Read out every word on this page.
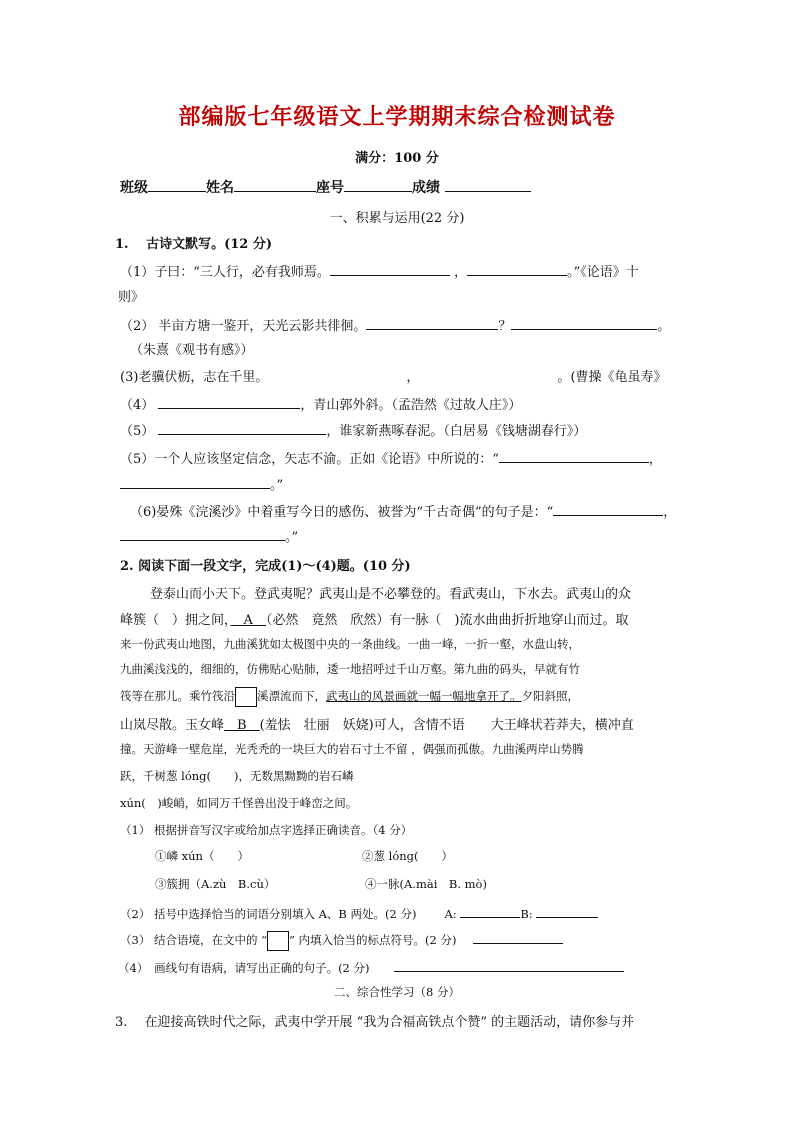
部编版七年级语文上学期期末综合检测试卷
满分：100 分
班级	姓名	座号	成绩
一、积累与运用(22 分)
1.　 古诗文默写。(12 分)
（1）子曰：“三人行，必有我师焉。	，	。”《论语》十
则》
（2） 半亩方塘一鉴开，天光云影共徘徊。	？	。
（朱熹《观书有感》）
(3)老骥伏枥，志在千里。	，	。(曹操《龟虽寿》
（4）	，青山郭外斜。（孟浩然《过故人庄》）
（5）	，谁家新燕啄春泥。（白居易《钱塘湖春行》）
（5）一个人应该坚定信念，矢志不渝。正如《论语》中所说的：“	，
。”
（6)晏殊《浣溪沙》中着重写今日的感伤、被誉为“千古奇偶”的句子是：“	，
。”
2. 阅读下面一段文字，完成(1)～(4)题。(10 分)
登泰山而小天下。登武夷呢？武夷山是不必攀登的。看武夷山，下水去。武夷山的众
峰簇（　）拥之间，　A　（必然　竟然　欣然）有一脉（　)流水曲曲折折地穿山而过。取
来一份武夷山地图，九曲溪犹如太极图中央的一条曲线。一曲一峰，一折一壑，水盘山转，
九曲溪浅浅的，细细的，仿佛贴心贴肺，逶一地招呼过千山万壑。第九曲的码头，早就有竹
筏等在那儿。乘竹筏沿 溪漂流而下，武夷山的风景画就一幅一幅地拿开了。夕阳斜照，
山岚尽散。玉女峰　B　(羞怯　壮丽　妖娆)可人，含情不语　　大王峰状若莽夫，横冲直
撞。天游峰一壁危崖，光秃秃的一块巨大的岩石寸土不留 ，偶强而孤傲。九曲溪两岸山势腾
跃，千树葱 lóng(　　)，无数黑黝黝的岩石嶙
xún(　)峻峭，如同万千怪兽出没于峰峦之间。
（1） 根据拼音写汉字或给加点字选择正确读音。（4 分）
①嶙 xún（　　）	②葱 lóng(　　）
③簇拥（A.zù　B.cù）	④一脉(A.mài　B. mò)
（2） 括号中选择恰当的词语分别填入 A、B 两处。(2 分) A:	B:
（3） 结合语境，在文中的 “ ” 内填入恰当的标点符号。(2 分)
（4）　画线句有语病，请写出正确的句子。(2 分)
二、综合性学习（8 分）
3.　 在迎接高铁时代之际，武夷中学开展 “我为合福高铁点个赞” 的主题活动，请你参与并
